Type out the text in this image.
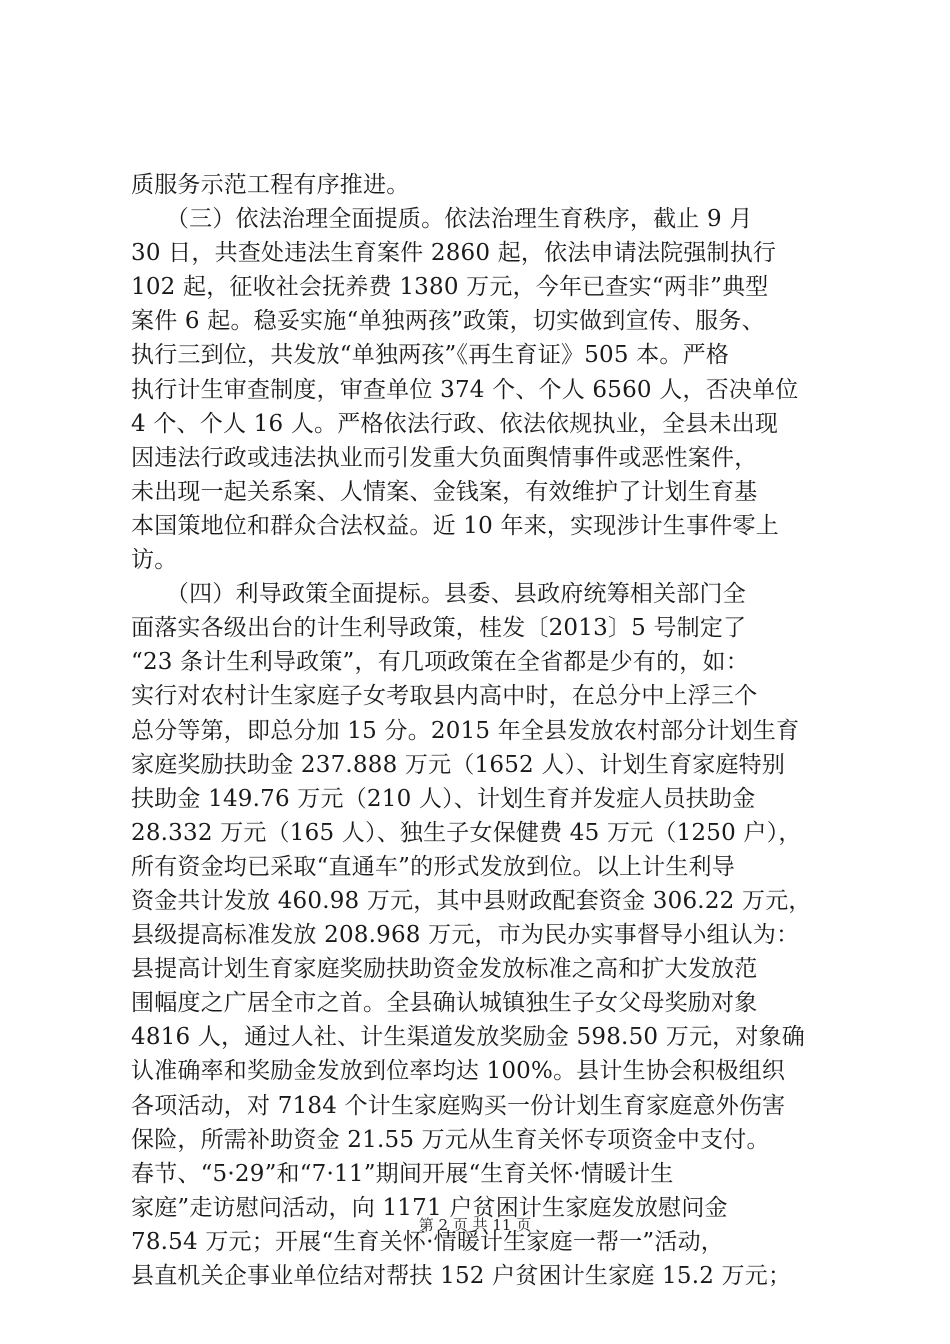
质服务示范工程有序推进。
　　（三）依法治理全面提质。依法治理生育秩序，截止 9 月
30 日，共查处违法生育案件 2860 起，依法申请法院强制执行
102 起，征收社会抚养费 1380 万元，今年已查实“两非”典型
案件 6 起。稳妥实施“单独两孩”政策，切实做到宣传、服务、
执行三到位，共发放“单独两孩”《再生育证》505 本。严格
执行计生审查制度，审查单位 374 个、个人 6560 人，否决单位
4 个、个人 16 人。严格依法行政、依法依规执业，全县未出现
因违法行政或违法执业而引发重大负面舆情事件或恶性案件，
未出现一起关系案、人情案、金钱案，有效维护了计划生育基
本国策地位和群众合法权益。近 10 年来，实现涉计生事件零上
访。
　　（四）利导政策全面提标。县委、县政府统筹相关部门全
面落实各级出台的计生利导政策，桂发〔2013〕5 号制定了
“23 条计生利导政策”，有几项政策在全省都是少有的，如：
实行对农村计生家庭子女考取县内高中时，在总分中上浮三个
总分等第，即总分加 15 分。2015 年全县发放农村部分计划生育
家庭奖励扶助金 237.888 万元（1652 人）、计划生育家庭特别
扶助金 149.76 万元（210 人）、计划生育并发症人员扶助金
28.332 万元（165 人）、独生子女保健费 45 万元（1250 户），
所有资金均已采取“直通车”的形式发放到位。以上计生利导
资金共计发放 460.98 万元，其中县财政配套资金 306.22 万元，
县级提高标准发放 208.968 万元，市为民办实事督导小组认为：
县提高计划生育家庭奖励扶助资金发放标准之高和扩大发放范
围幅度之广居全市之首。全县确认城镇独生子女父母奖励对象
4816 人，通过人社、计生渠道发放奖励金 598.50 万元，对象确
认准确率和奖励金发放到位率均达 100%。县计生协会积极组织
各项活动，对 7184 个计生家庭购买一份计划生育家庭意外伤害
保险，所需补助资金 21.55 万元从生育关怀专项资金中支付。
春节、“5·29”和“7·11”期间开展“生育关怀·情暖计生
家庭”走访慰问活动，向 1171 户贫困计生家庭发放慰问金
78.54 万元；开展“生育关怀·情暖计生家庭一帮一”活动，
县直机关企事业单位结对帮扶 152 户贫困计生家庭 15.2 万元；
第 2 页 共 11 页
